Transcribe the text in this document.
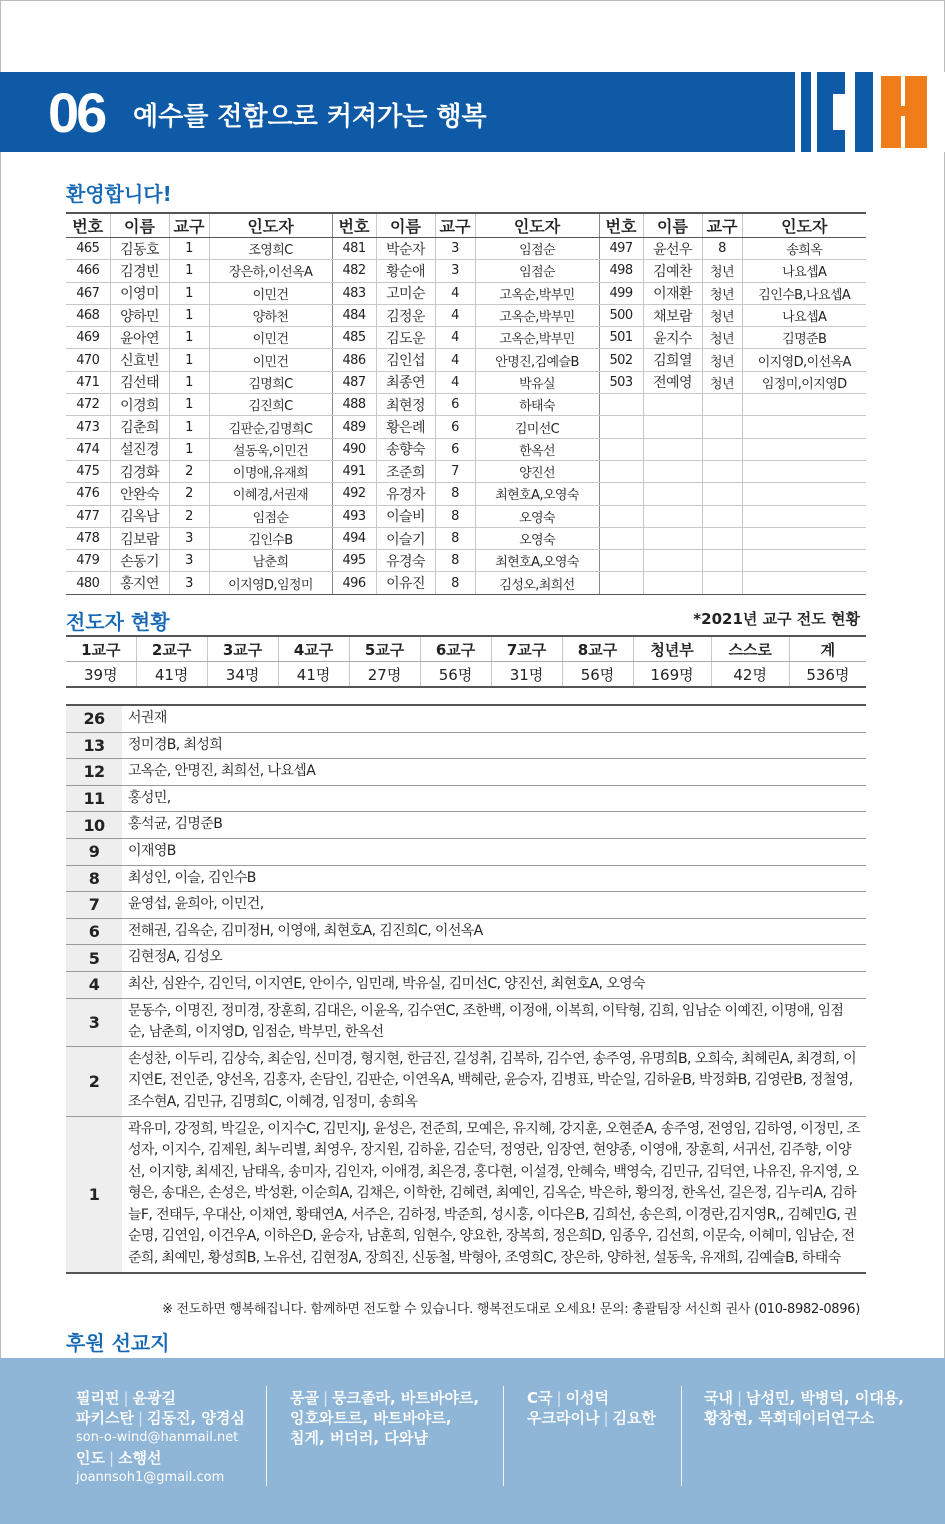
06 예수를 전함으로 커져가는 행복
환영합니다!
번호	이름	교구	인도자	번호	이름	교구	인도자	번호	이름	교구	인도자
465	김동호	1	조영희C	481	박순자	3	임점순	497	윤선우	8	송희옥
466	김경빈	1	장은하,이선옥A	482	황순애	3	임점순	498	김예찬	청년	나요셉A
467	이영미	1	이민건	483	고미순	4	고옥순,박부민	499	이재환	청년	김인수B,나요셉A
468	양하민	1	양하천	484	김정운	4	고옥순,박부민	500	채보람	청년	나요셉A
469	윤아연	1	이민건	485	김도운	4	고옥순,박부민	501	윤지수	청년	김명준B
470	신효빈	1	이민건	486	김인섭	4	안명진,김예슬B	502	김희열	청년	이지영D,이선옥A
471	김선태	1	김명희C	487	최종연	4	박유실	503	전예영	청년	임정미,이지영D
472	이경희	1	김진희C	488	최현정	6	하태숙				
473	김춘희	1	김판순,김명희C	489	황은례	6	김미선C				
474	설진경	1	설동욱,이민건	490	송향숙	6	한옥선				
475	김경화	2	이명애,유재희	491	조준희	7	양진선				
476	안완숙	2	이혜경,서권재	492	유경자	8	최현호A,오영숙				
477	김옥남	2	임점순	493	이슬비	8	오영숙				
478	김보람	3	김인수B	494	이슬기	8	오영숙				
479	손동기	3	남춘희	495	유경숙	8	최현호A,오영숙				
480	홍지연	3	이지영D,임정미	496	이유진	8	김성오,최희선				
전도자 현황	*2021년 교구 전도 현황
1교구	2교구	3교구	4교구	5교구	6교구	7교구	8교구	청년부	스스로	계
39명	41명	34명	41명	27명	56명	31명	56명	169명	42명	536명
26	서권재
13	정미경B, 최성희
12	고옥순, 안명진, 최희선, 나요셉A
11	홍성민,
10	홍석균, 김명준B
9	이재영B
8	최성인, 이슬, 김인수B
7	윤영섭, 윤희아, 이민건,
6	전해권, 김옥순, 김미정H, 이영애, 최현호A, 김진희C, 이선옥A
5	김현정A, 김성오
4	최산, 심완수, 김인덕, 이지연E, 안이수, 임민래, 박유실, 김미선C, 양진선, 최현호A, 오영숙
3	문동수, 이명진, 정미경, 장훈희, 김대은, 이윤옥, 김수연C, 조한백, 이정애, 이복희, 이탁형, 김희, 임남순 이예진, 이명애, 임점순, 남춘희, 이지영D, 임점순, 박부민, 한옥선
2	손성찬, 이두리, 김상숙, 최순임, 신미경, 형지현, 한금진, 길성취, 김복하, 김수연, 송주영, 유명희B, 오희숙, 최혜린A, 최경희, 이지연E, 전인준, 양선옥, 김홍자, 손담인, 김판순, 이연옥A, 백혜란, 윤승자, 김병표, 박순일, 김하윤B, 박정화B, 김영란B, 정철영, 조수현A, 김민규, 김명희C, 이혜경, 임정미, 송희옥
1	곽유미, 강정희, 박길운, 이지수C, 김민지J, 윤성은, 전준희, 모예은, 유지혜, 강지훈, 오현준A, 송주영, 전영임, 김하영, 이정민, 조성자, 이지수, 김제원, 최누리별, 최영우, 장지원, 김하윤, 김순덕, 정영란, 임장연, 현양종, 이영애, 장훈희, 서귀선, 김주향, 이양선, 이지향, 최세진, 남태옥, 송미자, 김인자, 이애경, 최은경, 홍다현, 이설경, 안혜숙, 백영숙, 김민규, 김덕연, 나유진, 유지영, 오형은, 송대은, 손성은, 박성환, 이순희A, 김채은, 이학한, 김혜련, 최예인, 김옥순, 박은하, 황의정, 한옥선, 길은정, 김누리A, 김하늘F, 전태두, 우대산, 이채연, 황태연A, 서주은, 김하정, 박준희, 성시홍, 이다은B, 김희선, 송은희, 이경란,김지영R,, 김혜민G, 권순명, 김연임, 이건우A, 이하은D, 윤승자, 남훈희, 임현수, 양요한, 장복희, 정은희D, 임종우, 김선희, 이문숙, 이혜미, 임남순, 전준희, 최예민, 황성희B, 노유선, 김현정A, 장희진, 신동철, 박형아, 조영희C, 장은하, 양하천, 설동욱, 유재희, 김예슬B, 하태숙
※ 전도하면 행복해집니다. 함께하면 전도할 수 있습니다. 행복전도대로 오세요! 문의: 총괄팀장 서신희 권사 (010-8982-0896)
후원 선교지
필리핀 | 윤광길
파키스탄 | 김동진, 양경심
son-o-wind@hanmail.net
인도 | 소행선
joannsoh1@gmail.com
몽골 | 뭉크졸라, 바트바야르,
잉호와트르, 바트바야르,
침게, 버더러, 다와냠
C국 | 이성덕
우크라이나 | 김요한
국내 | 남성민, 박병덕, 이대용,
황창현, 목회데이터연구소
